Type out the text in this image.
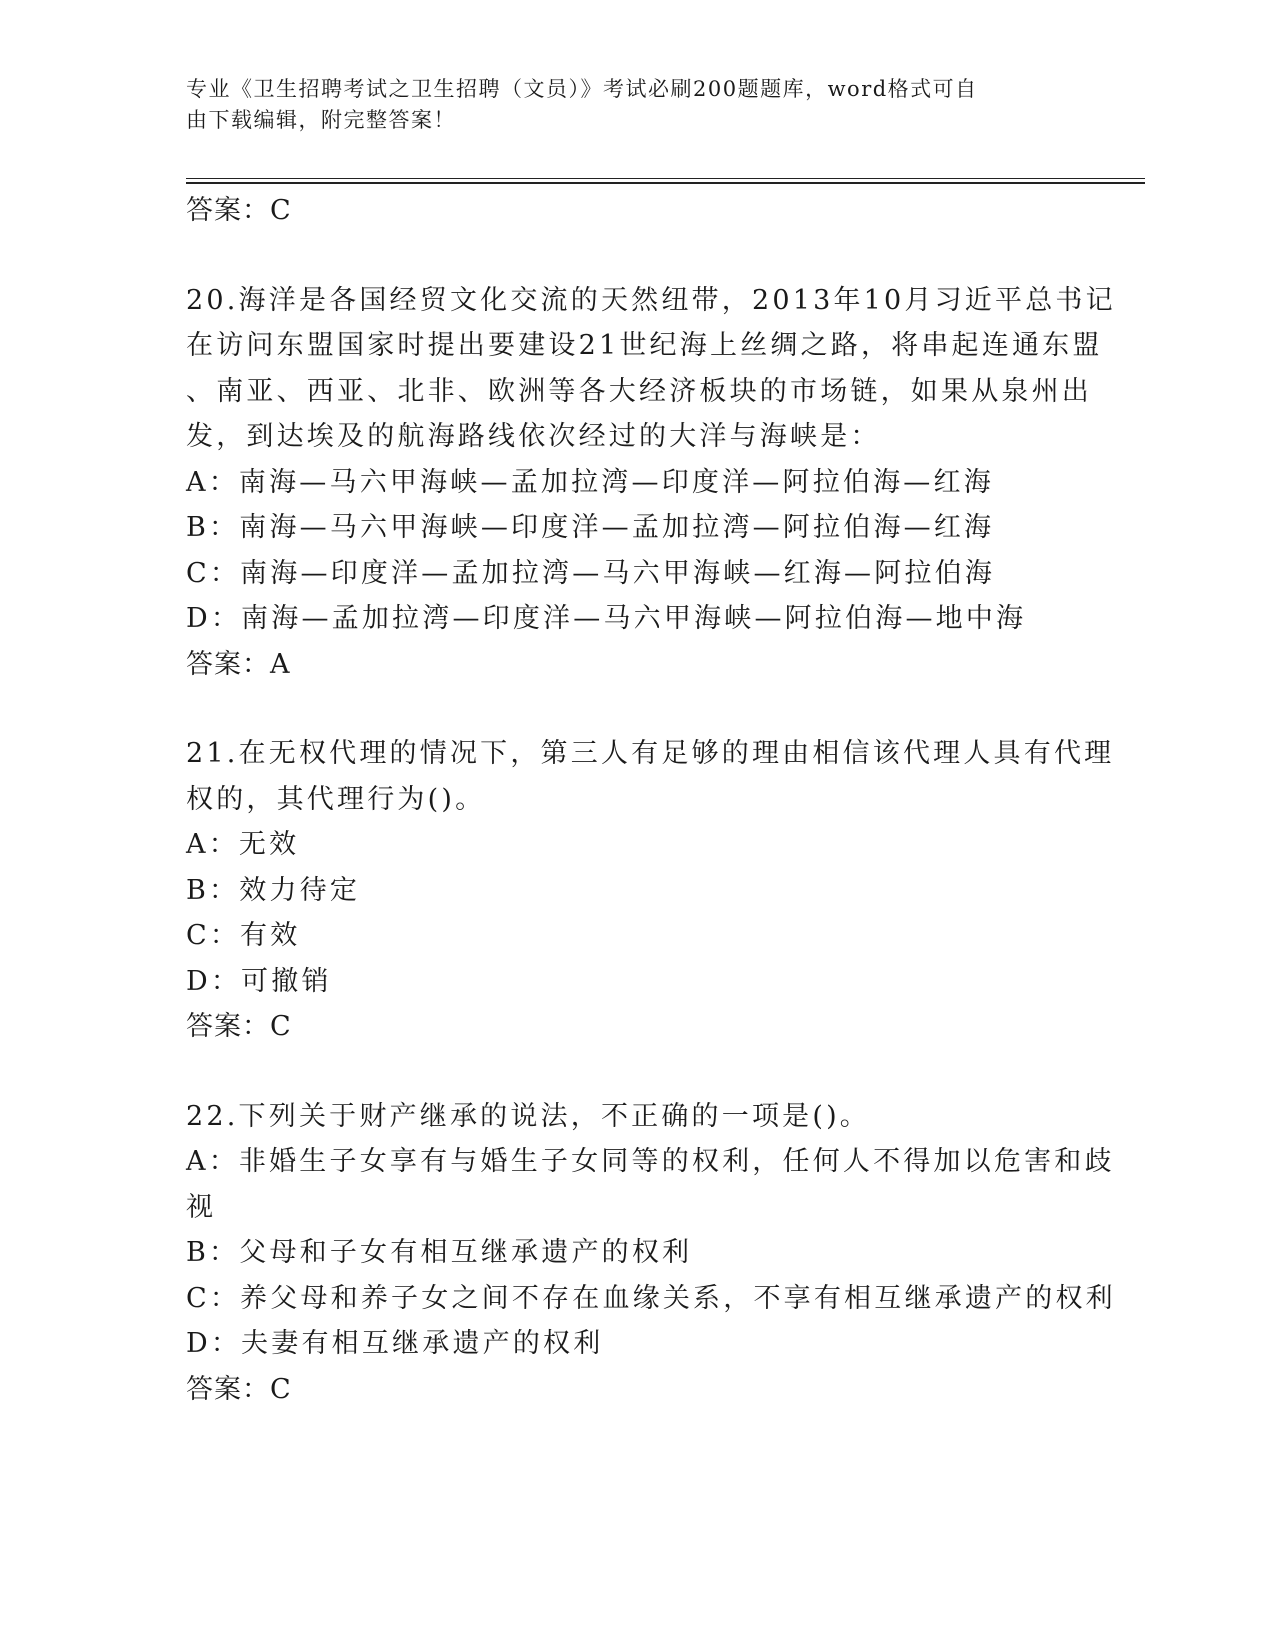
专业《卫生招聘考试之卫生招聘（文员）》考试必刷200题题库，word格式可自
由下载编辑，附完整答案！
答案：C
20.海洋是各国经贸文化交流的天然纽带，2013年10月习近平总书记
在访问东盟国家时提出要建设21世纪海上丝绸之路，将串起连通东盟
、南亚、西亚、北非、欧洲等各大经济板块的市场链，如果从泉州出
发，到达埃及的航海路线依次经过的大洋与海峡是：
A：南海—马六甲海峡—孟加拉湾—印度洋—阿拉伯海—红海
B：南海—马六甲海峡—印度洋—孟加拉湾—阿拉伯海—红海
C：南海—印度洋—孟加拉湾—马六甲海峡—红海—阿拉伯海
D：南海—孟加拉湾—印度洋—马六甲海峡—阿拉伯海—地中海
答案：A
21.在无权代理的情况下，第三人有足够的理由相信该代理人具有代理
权的，其代理行为()。
A：无效
B：效力待定
C：有效
D：可撤销
答案：C
22.下列关于财产继承的说法，不正确的一项是()。
A：非婚生子女享有与婚生子女同等的权利，任何人不得加以危害和歧
视
B：父母和子女有相互继承遗产的权利
C：养父母和养子女之间不存在血缘关系，不享有相互继承遗产的权利
D：夫妻有相互继承遗产的权利
答案：C
